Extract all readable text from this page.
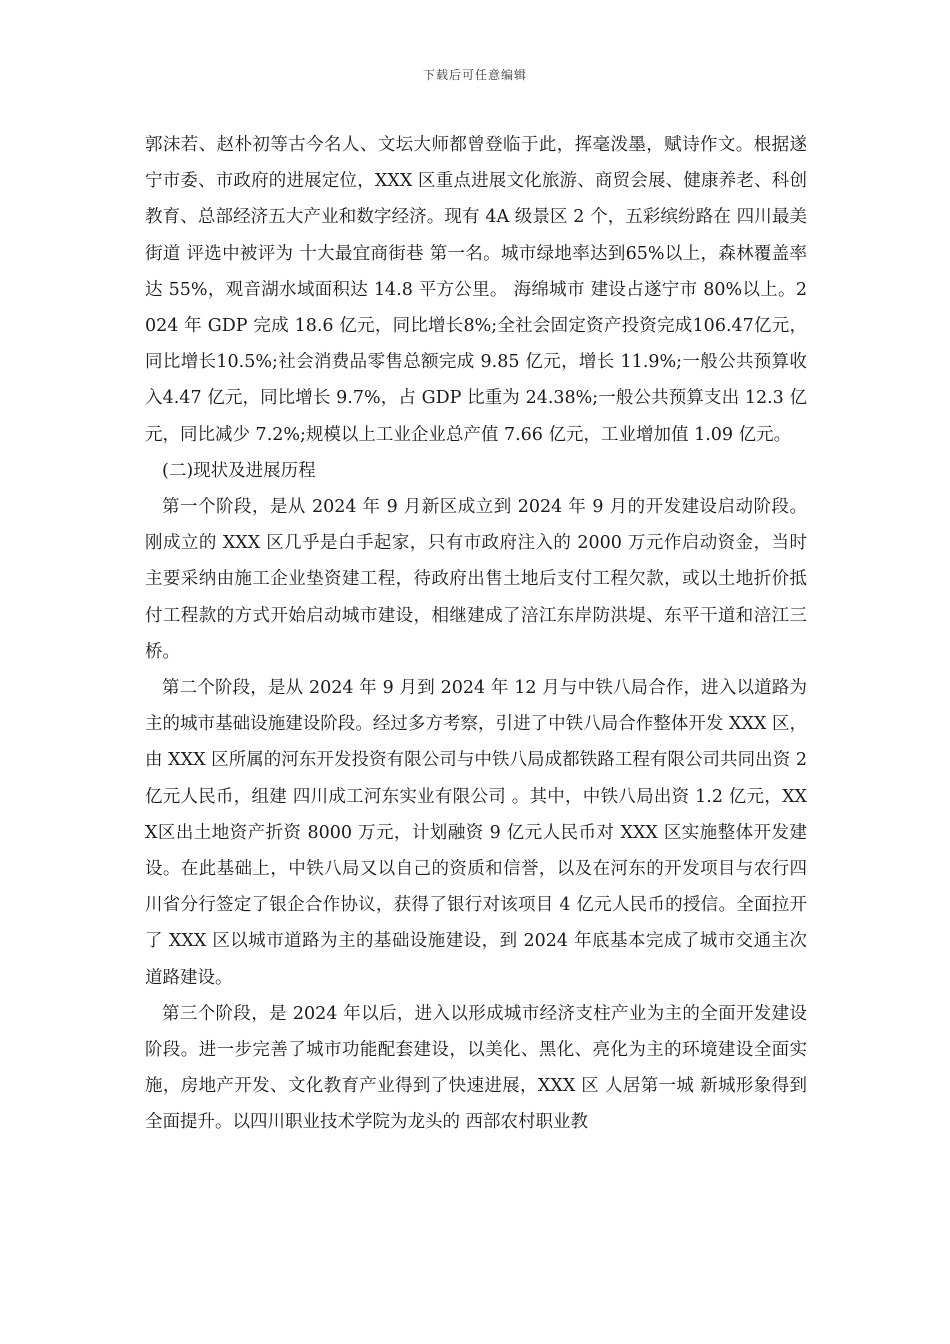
下载后可任意编辑

郭沫若、赵朴初等古今名人、文坛大师都曾登临于此，挥毫泼墨，赋诗作文。根据遂宁市委、市政府的进展定位，XXX 区重点进展文化旅游、商贸会展、健康养老、科创教育、总部经济五大产业和数字经济。现有 4A 级景区 2 个，五彩缤纷路在 四川最美街道 评选中被评为 十大最宜商街巷 第一名。城市绿地率达到65%以上，森林覆盖率达 55%，观音湖水域面积达 14.8 平方公里。 海绵城市 建设占遂宁市 80%以上。2024 年 GDP 完成 18.6 亿元，同比增长8%;全社会固定资产投资完成106.47亿元，同比增长10.5%;社会消费品零售总额完成 9.85 亿元，增长 11.9%;一般公共预算收入4.47 亿元，同比增长 9.7%，占 GDP 比重为 24.38%;一般公共预算支出 12.3 亿元，同比减少 7.2%;规模以上工业企业总产值 7.66 亿元，工业增加值 1.09 亿元。

(二)现状及进展历程

第一个阶段，是从 2024 年 9 月新区成立到 2024 年 9 月的开发建设启动阶段。刚成立的 XXX 区几乎是白手起家，只有市政府注入的 2000 万元作启动资金，当时主要采纳由施工企业垫资建工程，待政府出售土地后支付工程欠款，或以土地折价抵付工程款的方式开始启动城市建设，相继建成了涪江东岸防洪堤、东平干道和涪江三桥。

第二个阶段，是从 2024 年 9 月到 2024 年 12 月与中铁八局合作，进入以道路为主的城市基础设施建设阶段。经过多方考察，引进了中铁八局合作整体开发 XXX 区，由 XXX 区所属的河东开发投资有限公司与中铁八局成都铁路工程有限公司共同出资 2 亿元人民币，组建 四川成工河东实业有限公司 。其中，中铁八局出资 1.2 亿元，XXX区出土地资产折资 8000 万元，计划融资 9 亿元人民币对 XXX 区实施整体开发建设。在此基础上，中铁八局又以自己的资质和信誉，以及在河东的开发项目与农行四川省分行签定了银企合作协议，获得了银行对该项目 4 亿元人民币的授信。全面拉开了 XXX 区以城市道路为主的基础设施建设，到 2024 年底基本完成了城市交通主次道路建设。

第三个阶段，是 2024 年以后，进入以形成城市经济支柱产业为主的全面开发建设阶段。进一步完善了城市功能配套建设，以美化、黑化、亮化为主的环境建设全面实施，房地产开发、文化教育产业得到了快速进展，XXX 区 人居第一城 新城形象得到全面提升。以四川职业技术学院为龙头的 西部农村职业教
